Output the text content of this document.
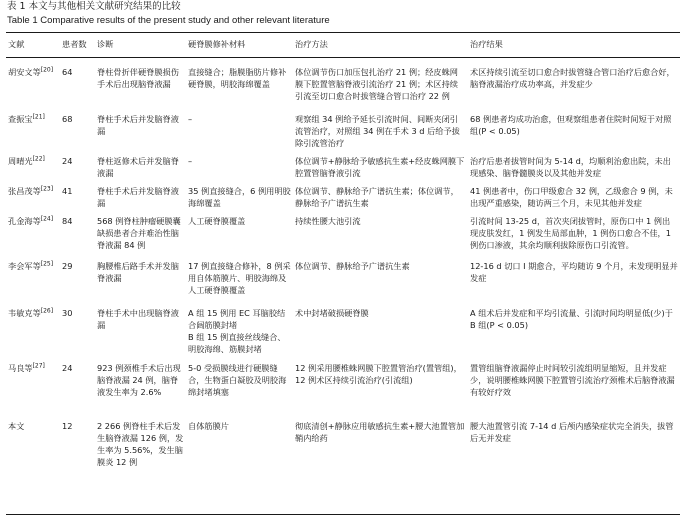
表 1 本文与其他相关文献研究结果的比较
Table 1 Comparative results of the present study and other relevant literature
文献	患者数	诊断	硬脊膜修补材料	治疗方法	治疗结果
胡安文等[20]	64	脊柱骨折伴硬脊膜损伤手术后出现脑脊液漏	直接缝合；脂膜脂肪片修补硬脊膜，明胶海绵覆盖	体位调节伤口加压包扎治疗 21 例；经皮蛛网膜下腔置管脑脊液引流治疗 21 例；术区持续引流至切口愈合时拔管缝合管口治疗 22 例	术区持续引流至切口愈合时拔管缝合管口治疗后愈合好，脑脊液漏治疗成功率高，并发症少
查振宝[21]	68	脊柱手术后并发脑脊液漏	–	观察组 34 例给予延长引流时间、间断夹闭引流管治疗，对照组 34 例在手术 3 d 后给予拔除引流管治疗	68 例患者均成功治愈，但观察组患者住院时间短于对照组(P < 0.05)
周晴光[22]	24	脊柱返修术后并发脑脊液漏	–	体位调节+静脉给予敏感抗生素+经皮蛛网膜下腔置管脑脊液引流	治疗后患者拔管时间为 5-14 d，均顺利治愈出院，未出现感染、脑脊髓膜炎以及其他并发症
张昌茂等[23]	41	脊柱手术后并发脑脊液漏	35 例直接缝合，6 例用明胶海绵覆盖	体位调节、静脉给予广谱抗生素；体位调节，静脉给予广谱抗生素	41 例患者中，伤口甲级愈合 32 例，乙级愈合 9 例，未出现严重感染，随访两三个月，未见其他并发症
孔金海等[24]	84	568 例脊柱肿瘤硬膜囊缺损患者合并难治性脑脊液漏 84 例	人工硬脊膜覆盖	持续性腰大池引流	引流时间 13-25 d，首次夹闭拔管时，原伤口中 1 例出现皮肤发红，1 例发生局部血肿，1 例伤口愈合不佳，1 例伤口渗液，其余均顺利拔除原伤口引流管。
李会军等[25]	29	胸腰椎后路手术并发脑脊液漏	17 例直接缝合修补，8 例采用自体筋膜片、明胶海绵及人工硬脊膜覆盖	体位调节、静脉给予广谱抗生素	12-16 d 切口 I 期愈合，平均随访 9 个月，未发现明显并发症
韦敏克等[26]	30	脊柱手术中出现脑脊液漏	A 组 15 例用 EC 耳脑胶结合阔筋膜封堵
B 组 15 例直接丝线缝合、明胶海绵、筋膜封堵	术中封堵破损硬脊膜	A 组术后并发症和平均引流量、引流时间均明显低(少)于 B 组(P < 0.05)
马良等[27]	24	923 例颈椎手术后出现脑脊液漏 24 例，脑脊液发生率为 2.6%	5-0 受损膜线进行硬膜缝合，生物蛋白凝胶及明胶海绵封堵填塞	12 例采用腰椎蛛网膜下腔置管治疗(置管组)，12 例术区持续引流治疗(引流组)	置管组脑脊液漏停止时间较引流组明显缩短，且并发症少，说明腰椎蛛网膜下腔置管引流治疗颈椎术后脑脊液漏有较好疗效
本文	12	2 266 例脊柱手术后发生脑脊液漏 126 例，发生率为 5.56%，发生脑膜炎 12 例	自体筋膜片	彻底清创+静脉应用敏感抗生素+腰大池置管加鞘内给药	腰大池置管引流 7-14 d 后颅内感染症状完全消失，拔管后无并发症
